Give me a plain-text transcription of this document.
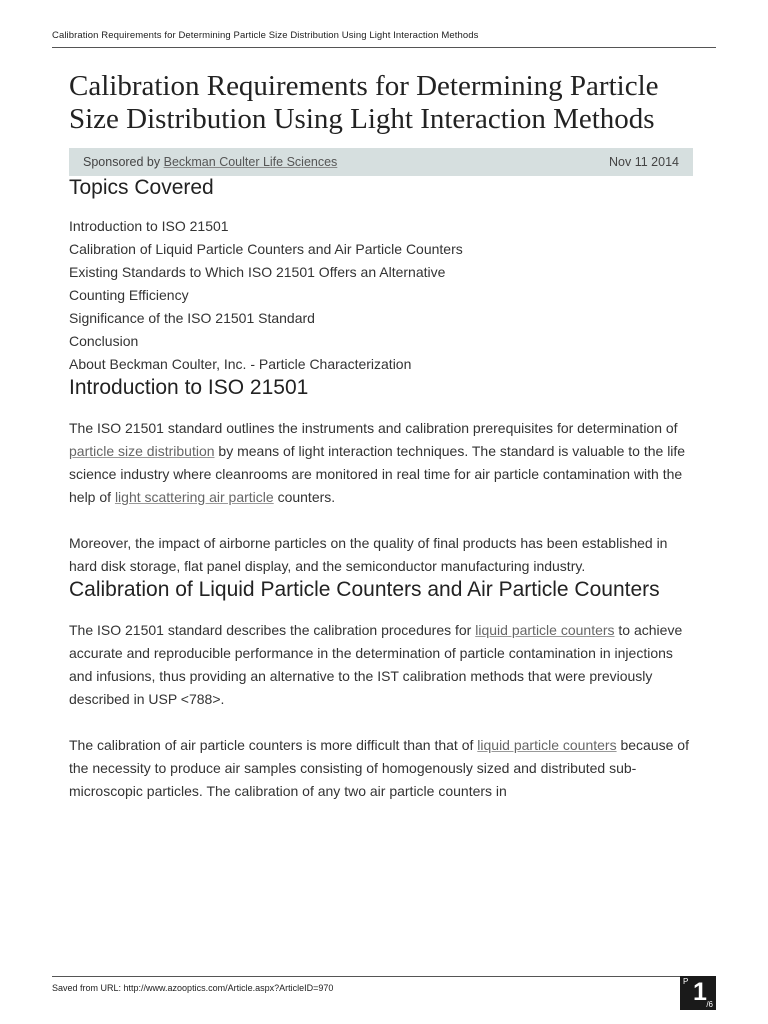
Calibration Requirements for Determining Particle Size Distribution Using Light Interaction Methods
Calibration Requirements for Determining Particle Size Distribution Using Light Interaction Methods
Sponsored by Beckman Coulter Life Sciences	Nov 11 2014
Topics Covered
Introduction to ISO 21501
Calibration of Liquid Particle Counters and Air Particle Counters
Existing Standards to Which ISO 21501 Offers an Alternative
Counting Efficiency
Significance of the ISO 21501 Standard
Conclusion
About Beckman Coulter, Inc. - Particle Characterization
Introduction to ISO 21501

The ISO 21501 standard outlines the instruments and calibration prerequisites for determination of particle size distribution by means of light interaction techniques. The standard is valuable to the life science industry where cleanrooms are monitored in real time for air particle contamination with the help of light scattering air particle counters.

Moreover, the impact of airborne particles on the quality of final products has been established in hard disk storage, flat panel display, and the semiconductor manufacturing industry.

Calibration of Liquid Particle Counters and Air Particle Counters

The ISO 21501 standard describes the calibration procedures for liquid particle counters to achieve accurate and reproducible performance in the determination of particle contamination in injections and infusions, thus providing an alternative to the IST calibration methods that were previously described in USP <788>.

The calibration of air particle counters is more difficult than that of liquid particle counters because of the necessity to produce air samples consisting of homogenously sized and distributed sub-microscopic particles. The calibration of any two air particle counters in

Saved from URL: http://www.azooptics.com/Article.aspx?ArticleID=970
P 1 /6
